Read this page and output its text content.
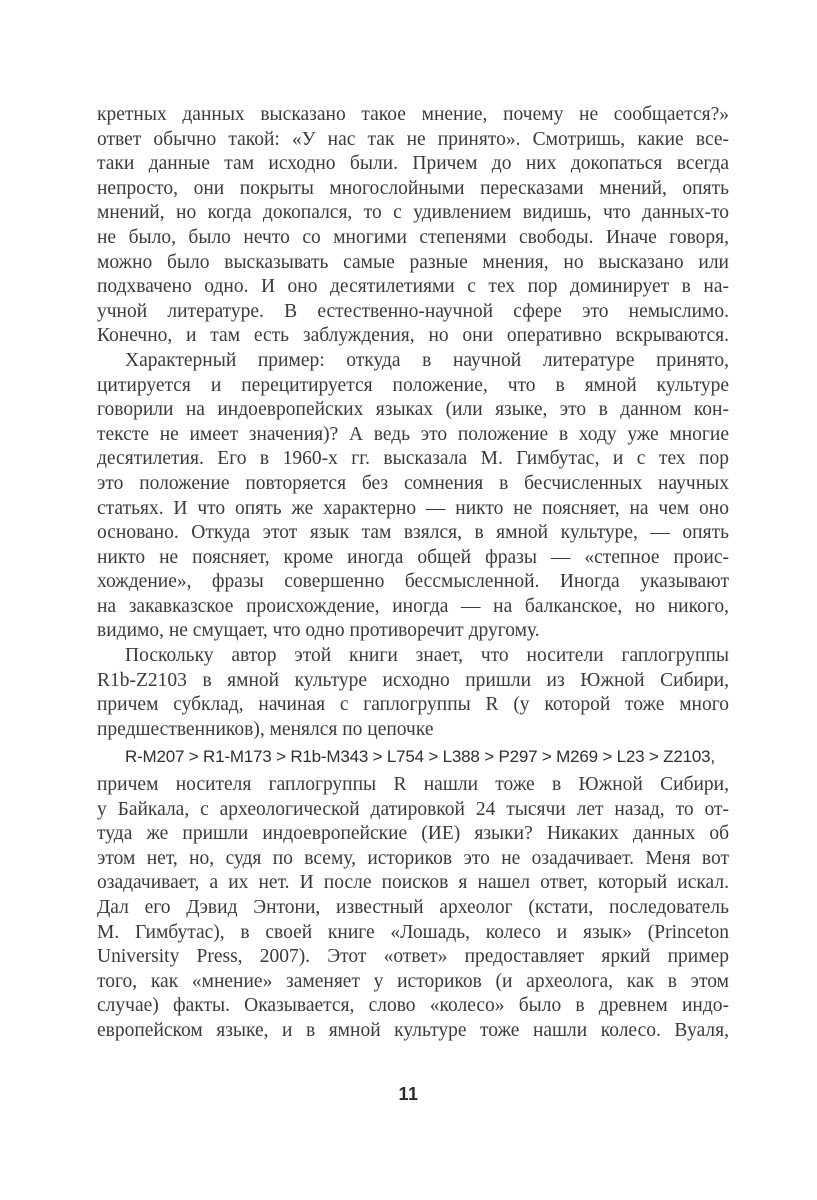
кретных данных высказано такое мнение, почему не сообщается?»
ответ обычно такой: «У нас так не принято». Смотришь, какие все-
таки данные там исходно были. Причем до них докопаться всегда
непросто, они покрыты многослойными пересказами мнений, опять
мнений, но когда докопался, то с удивлением видишь, что данных-то
не было, было нечто со многими степенями свободы. Иначе говоря,
можно было высказывать самые разные мнения, но высказано или
подхвачено одно. И оно десятилетиями с тех пор доминирует в на-
учной литературе. В естественно-научной сфере это немыслимо.
Конечно, и там есть заблуждения, но они оперативно вскрываются.
Характерный пример: откуда в научной литературе принято,
цитируется и перецитируется положение, что в ямной культуре
говорили на индоевропейских языках (или языке, это в данном кон-
тексте не имеет значения)? А ведь это положение в ходу уже многие
десятилетия. Его в 1960-х гг. высказала М. Гимбутас, и с тех пор
это положение повторяется без сомнения в бесчисленных научных
статьях. И что опять же характерно — никто не поясняет, на чем оно
основано. Откуда этот язык там взялся, в ямной культуре, — опять
никто не поясняет, кроме иногда общей фразы — «степное проис-
хождение», фразы совершенно бессмысленной. Иногда указывают
на закавказское происхождение, иногда — на балканское, но никого,
видимо, не смущает, что одно противоречит другому.
Поскольку автор этой книги знает, что носители гаплогруппы
R1b-Z2103 в ямной культуре исходно пришли из Южной Сибири,
причем субклад, начиная с гаплогруппы R (у которой тоже много
предшественников), менялся по цепочке
R-M207 > R1-M173 > R1b-M343 > L754 > L388 > P297 > M269 > L23 > Z2103,
причем носителя гаплогруппы R нашли тоже в Южной Сибири,
у Байкала, с археологической датировкой 24 тысячи лет назад, то от-
туда же пришли индоевропейские (ИЕ) языки? Никаких данных об
этом нет, но, судя по всему, историков это не озадачивает. Меня вот
озадачивает, а их нет. И после поисков я нашел ответ, который искал.
Дал его Дэвид Энтони, известный археолог (кстати, последователь
М. Гимбутас), в своей книге «Лошадь, колесо и язык» (Princeton
University Press, 2007). Этот «ответ» предоставляет яркий пример
того, как «мнение» заменяет у историков (и археолога, как в этом
случае) факты. Оказывается, слово «колесо» было в древнем индо-
европейском языке, и в ямной культуре тоже нашли колесо. Вуаля,
11
